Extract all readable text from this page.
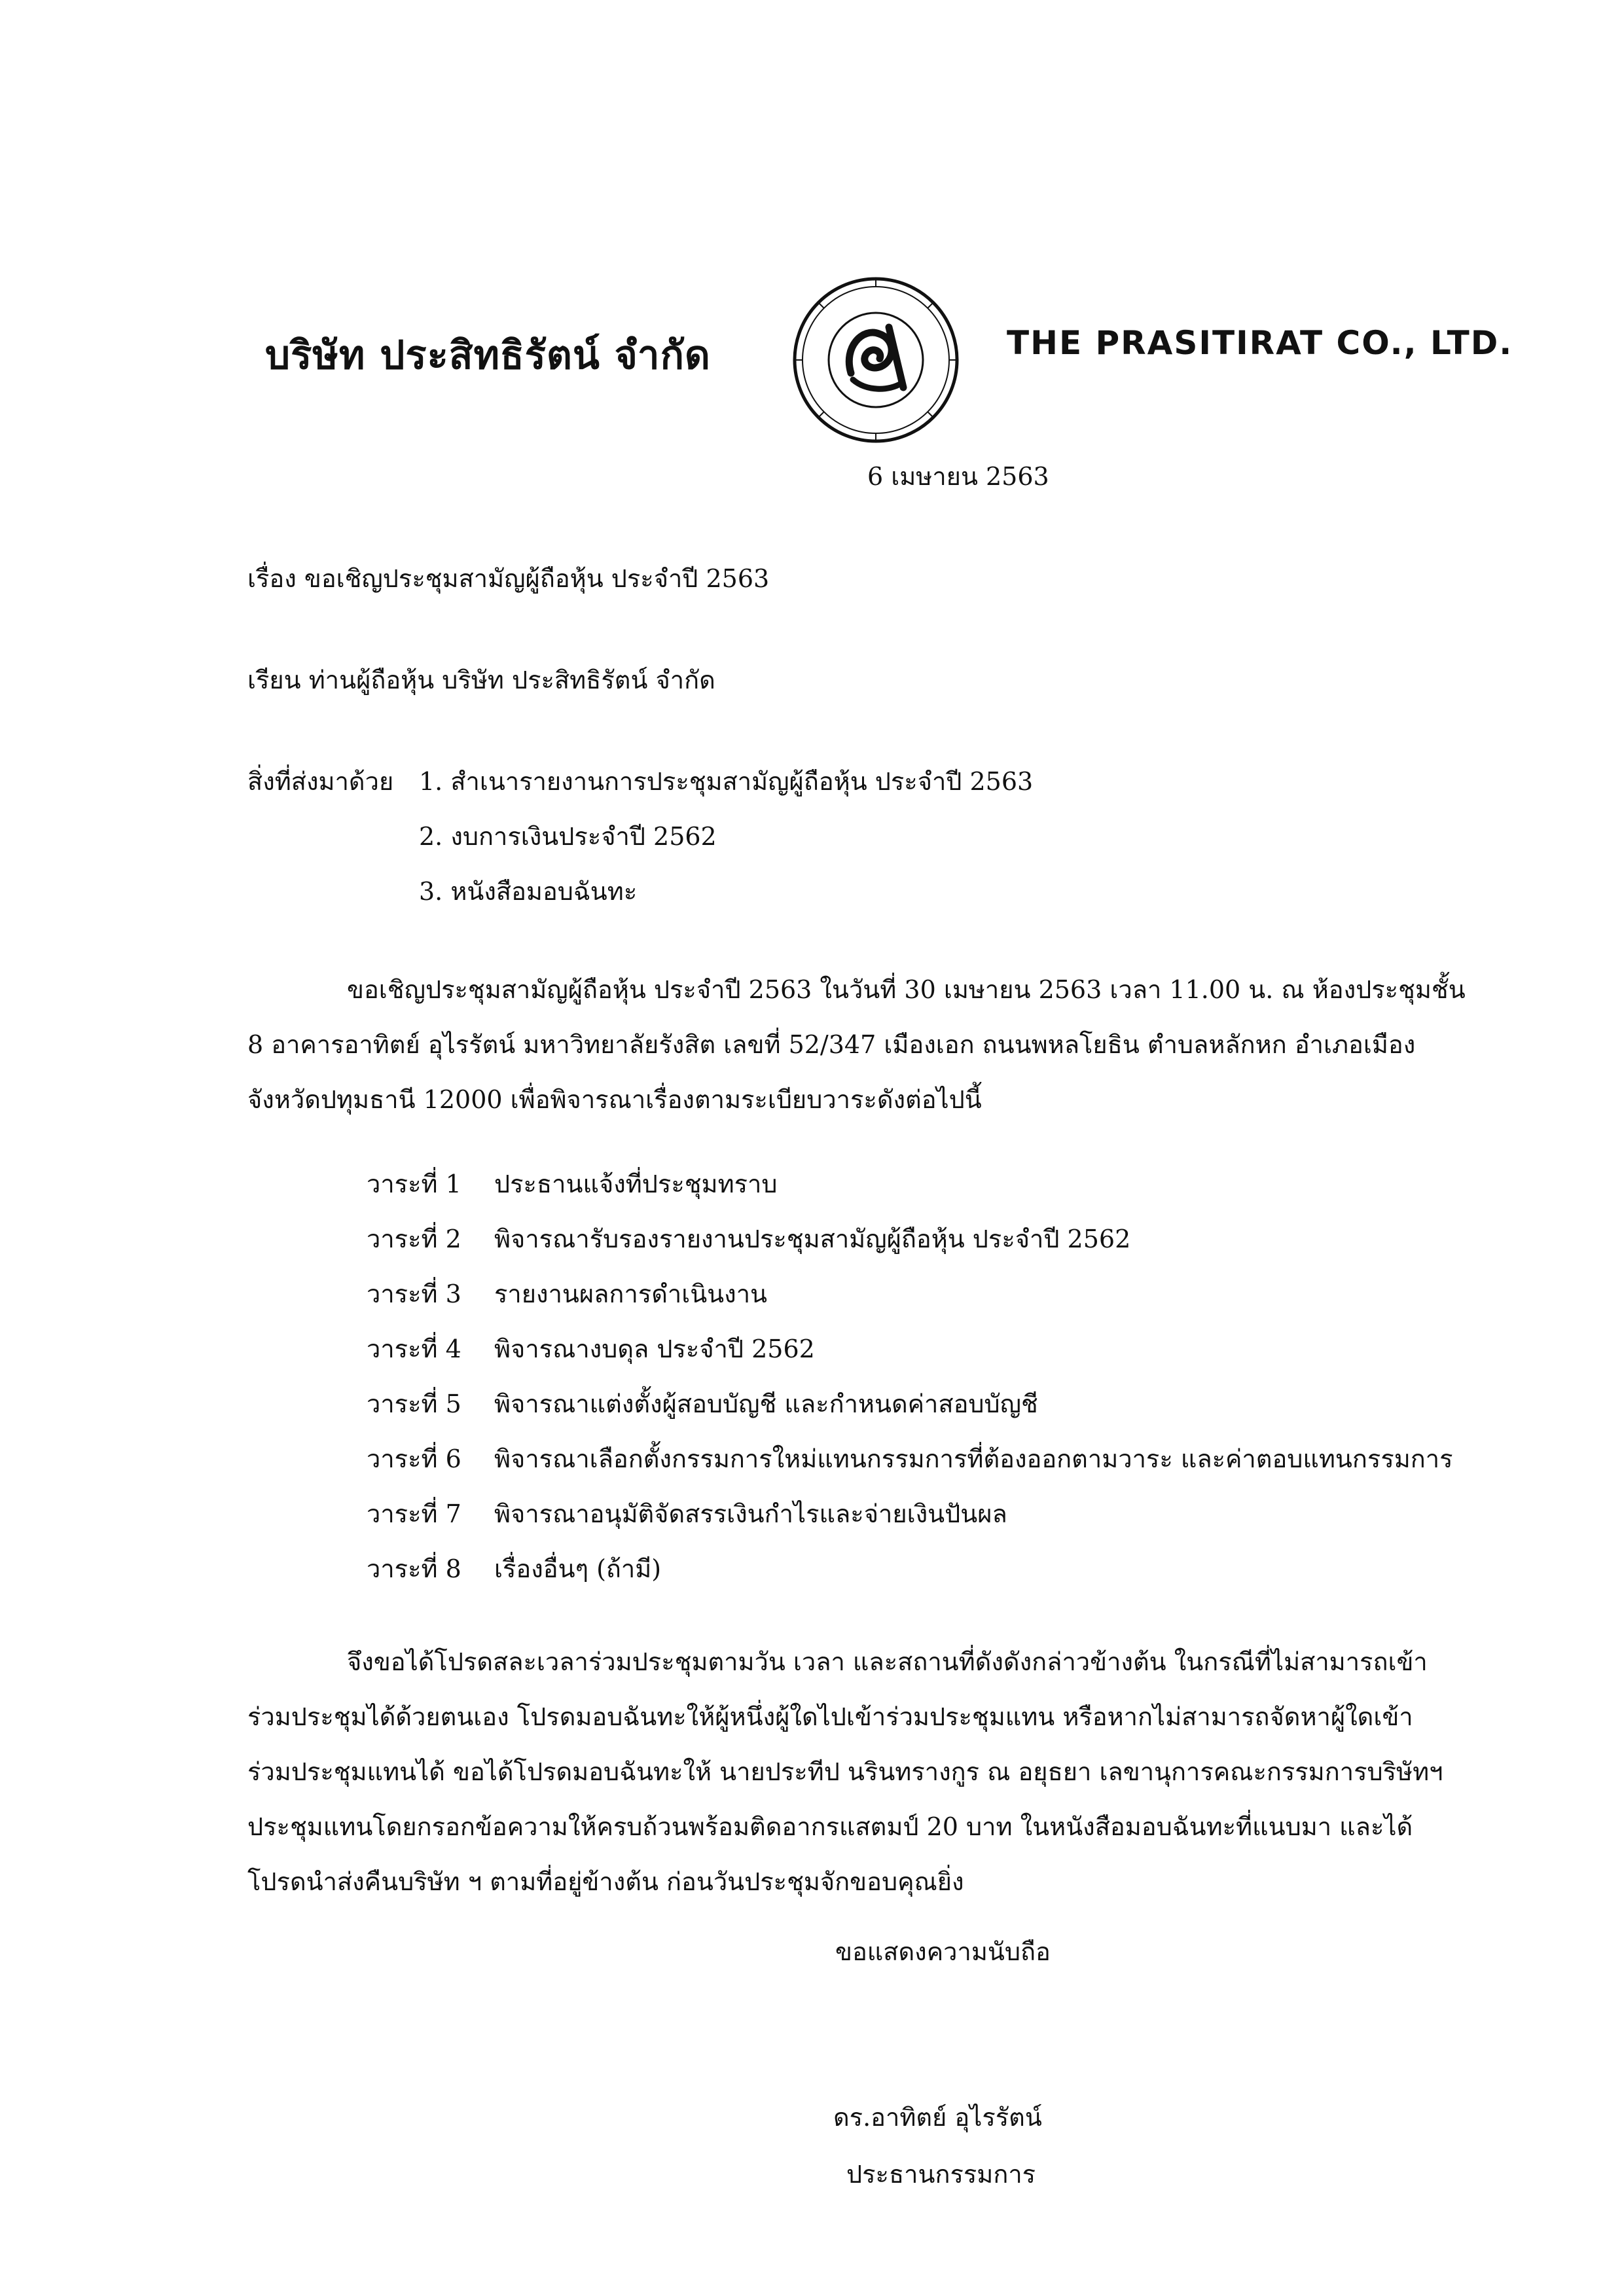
บริษัท ประสิทธิรัตน์ จำกัด	THE PRASITIRAT CO., LTD.
6 เมษายน 2563
เรื่อง ขอเชิญประชุมสามัญผู้ถือหุ้น ประจำปี 2563
เรียน ท่านผู้ถือหุ้น บริษัท ประสิทธิรัตน์ จำกัด
สิ่งที่ส่งมาด้วย 1. สำเนารายงานการประชุมสามัญผู้ถือหุ้น ประจำปี 2563
2. งบการเงินประจำปี 2562
3. หนังสือมอบฉันทะ
ขอเชิญประชุมสามัญผู้ถือหุ้น ประจำปี 2563 ในวันที่ 30 เมษายน 2563 เวลา 11.00 น. ณ ห้องประชุมชั้น
8 อาคารอาทิตย์ อุไรรัตน์ มหาวิทยาลัยรังสิต เลขที่ 52/347 เมืองเอก ถนนพหลโยธิน ตำบลหลักหก อำเภอเมือง
จังหวัดปทุมธานี 12000 เพื่อพิจารณาเรื่องตามระเบียบวาระดังต่อไปนี้
วาระที่ 1 ประธานแจ้งที่ประชุมทราบ
วาระที่ 2 พิจารณารับรองรายงานประชุมสามัญผู้ถือหุ้น ประจำปี 2562
วาระที่ 3 รายงานผลการดำเนินงาน
วาระที่ 4 พิจารณางบดุล ประจำปี 2562
วาระที่ 5 พิจารณาแต่งตั้งผู้สอบบัญชี และกำหนดค่าสอบบัญชี
วาระที่ 6 พิจารณาเลือกตั้งกรรมการใหม่แทนกรรมการที่ต้องออกตามวาระ และค่าตอบแทนกรรมการ
วาระที่ 7 พิจารณาอนุมัติจัดสรรเงินกำไรและจ่ายเงินปันผล
วาระที่ 8 เรื่องอื่นๆ (ถ้ามี)
จึงขอได้โปรดสละเวลาร่วมประชุมตามวัน เวลา และสถานที่ดังดังกล่าวข้างต้น ในกรณีที่ไม่สามารถเข้า
ร่วมประชุมได้ด้วยตนเอง โปรดมอบฉันทะให้ผู้หนึ่งผู้ใดไปเข้าร่วมประชุมแทน หรือหากไม่สามารถจัดหาผู้ใดเข้า
ร่วมประชุมแทนได้ ขอได้โปรดมอบฉันทะให้ นายประทีป นรินทรางกูร ณ อยุธยา เลขานุการคณะกรรมการบริษัทฯ
ประชุมแทนโดยกรอกข้อความให้ครบถ้วนพร้อมติดอากรแสตมป์ 20 บาท ในหนังสือมอบฉันทะที่แนบมา และได้
โปรดนำส่งคืนบริษัท ฯ ตามที่อยู่ข้างต้น ก่อนวันประชุมจักขอบคุณยิ่ง
ขอแสดงความนับถือ
ดร.อาทิตย์ อุไรรัตน์
ประธานกรรมการ
